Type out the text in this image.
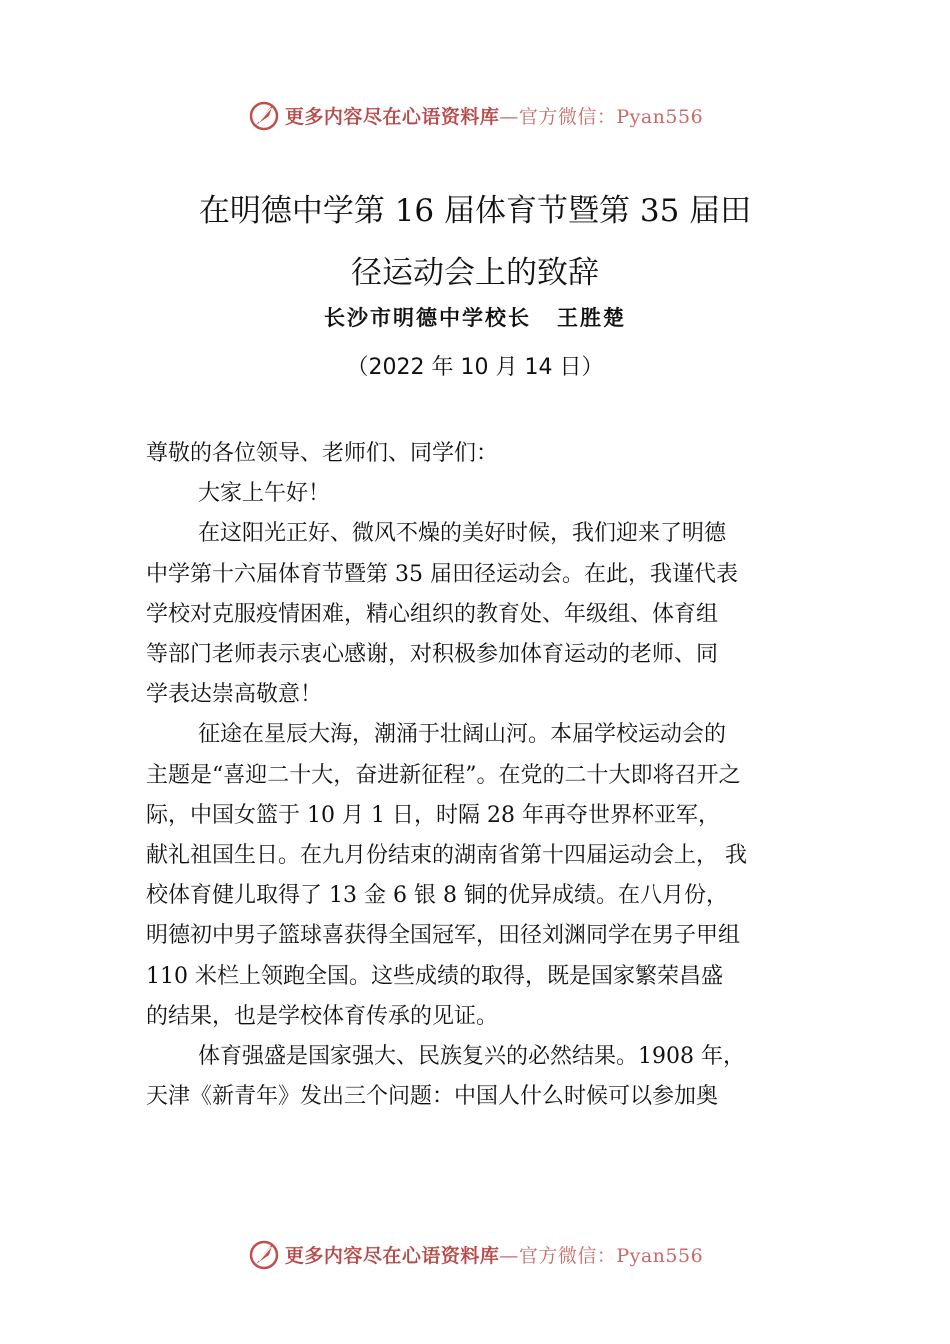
更多内容尽在心语资料库—官方微信：Pyan556
在明德中学第 16 届体育节暨第 35 届田
径运动会上的致辞
长沙市明德中学校长 王胜楚
（2022 年 10 月 14 日）

尊敬的各位领导、老师们、同学们：

大家上午好！

在这阳光正好、微风不燥的美好时候，我们迎来了明德

中学第十六届体育节暨第 35 届田径运动会。在此，我谨代表

学校对克服疫情困难，精心组织的教育处、年级组、体育组

等部门老师表示衷心感谢，对积极参加体育运动的老师、同

学表达崇高敬意！

征途在星辰大海，潮涌于壮阔山河。本届学校运动会的

主题是“喜迎二十大，奋进新征程”。在党的二十大即将召开之

际，中国女篮于 10 月 1 日，时隔 28 年再夺世界杯亚军，

献礼祖国生日。在九月份结束的湖南省第十四届运动会上， 我

校体育健儿取得了 13 金 6 银 8 铜的优异成绩。在八月份，

明德初中男子篮球喜获得全国冠军，田径刘渊同学在男子甲组

110 米栏上领跑全国。这些成绩的取得，既是国家繁荣昌盛

的结果，也是学校体育传承的见证。

体育强盛是国家强大、民族复兴的必然结果。1908 年，

天津《新青年》发出三个问题：中国人什么时候可以参加奥

更多内容尽在心语资料库—官方微信：Pyan556
